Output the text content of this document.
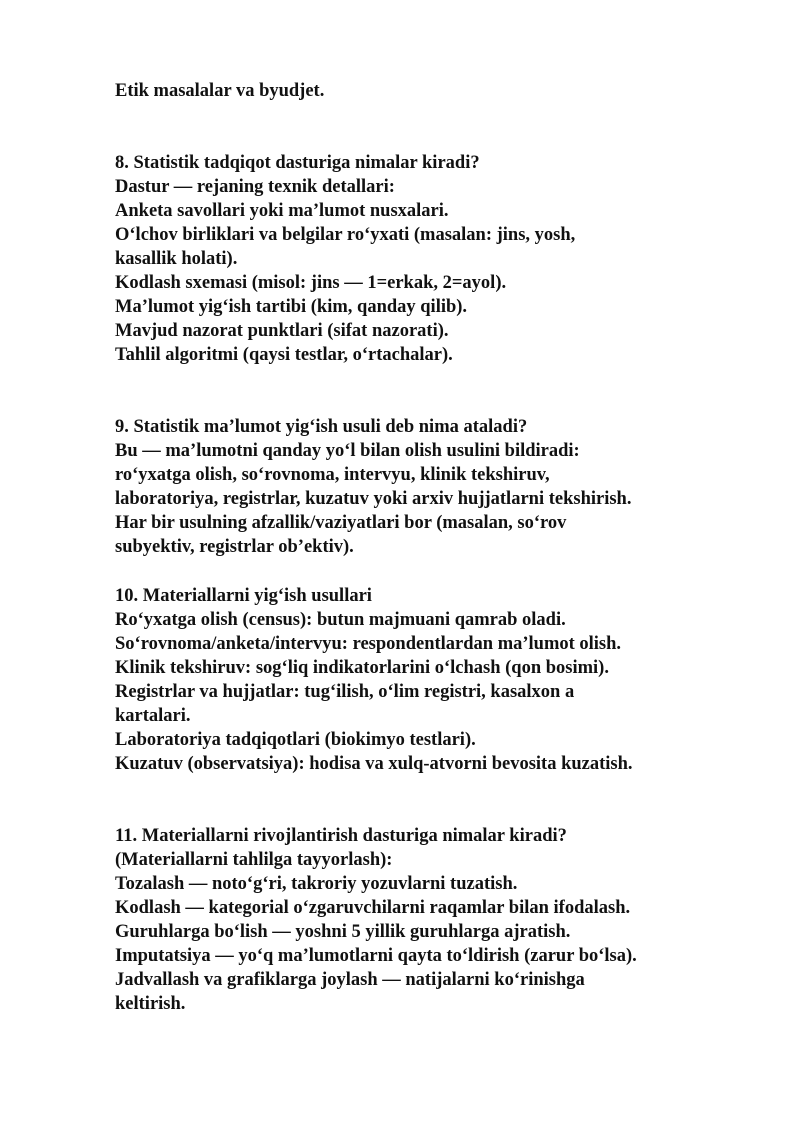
Etik masalalar va byudjet.
8. Statistik tadqiqot dasturiga nimalar kiradi?
Dastur — rejaning texnik detallari:
Anketa savollari yoki ma’lumot nusxalari.
O‘lchov birliklari va belgilar ro‘yxati (masalan: jins, yosh,
kasallik holati).
Kodlash sxemasi (misol: jins — 1=erkak, 2=ayol).
Ma’lumot yig‘ish tartibi (kim, qanday qilib).
Mavjud nazorat punktlari (sifat nazorati).
Tahlil algoritmi (qaysi testlar, o‘rtachalar).
9. Statistik ma’lumot yig‘ish usuli deb nima ataladi?
Bu — ma’lumotni qanday yo‘l bilan olish usulini bildiradi:
ro‘yxatga olish, so‘rovnoma, intervyu, klinik tekshiruv,
laboratoriya, registrlar, kuzatuv yoki arxiv hujjatlarni tekshirish.
Har bir usulning afzallik/vaziyatlari bor (masalan, so‘rov
subyektiv, registrlar ob’ektiv).
10. Materiallarni yig‘ish usullari
Ro‘yxatga olish (census): butun majmuani qamrab oladi.
So‘rovnoma/anketa/intervyu: respondentlardan ma’lumot olish.
Klinik tekshiruv: sog‘liq indikatorlarini o‘lchash (qon bosimi).
Registrlar va hujjatlar: tug‘ilish, o‘lim registri, kasalxon a
kartalari.
Laboratoriya tadqiqotlari (biokimyo testlari).
Kuzatuv (observatsiya): hodisa va xulq-atvorni bevosita kuzatish.
11. Materiallarni rivojlantirish dasturiga nimalar kiradi?
(Materiallarni tahlilga tayyorlash):
Tozalash — noto‘g‘ri, takroriy yozuvlarni tuzatish.
Kodlash — kategorial o‘zgaruvchilarni raqamlar bilan ifodalash.
Guruhlarga bo‘lish — yoshni 5 yillik guruhlarga ajratish.
Imputatsiya — yo‘q ma’lumotlarni qayta to‘ldirish (zarur bo‘lsa).
Jadvallash va grafiklarga joylash — natijalarni ko‘rinishga
keltirish.
